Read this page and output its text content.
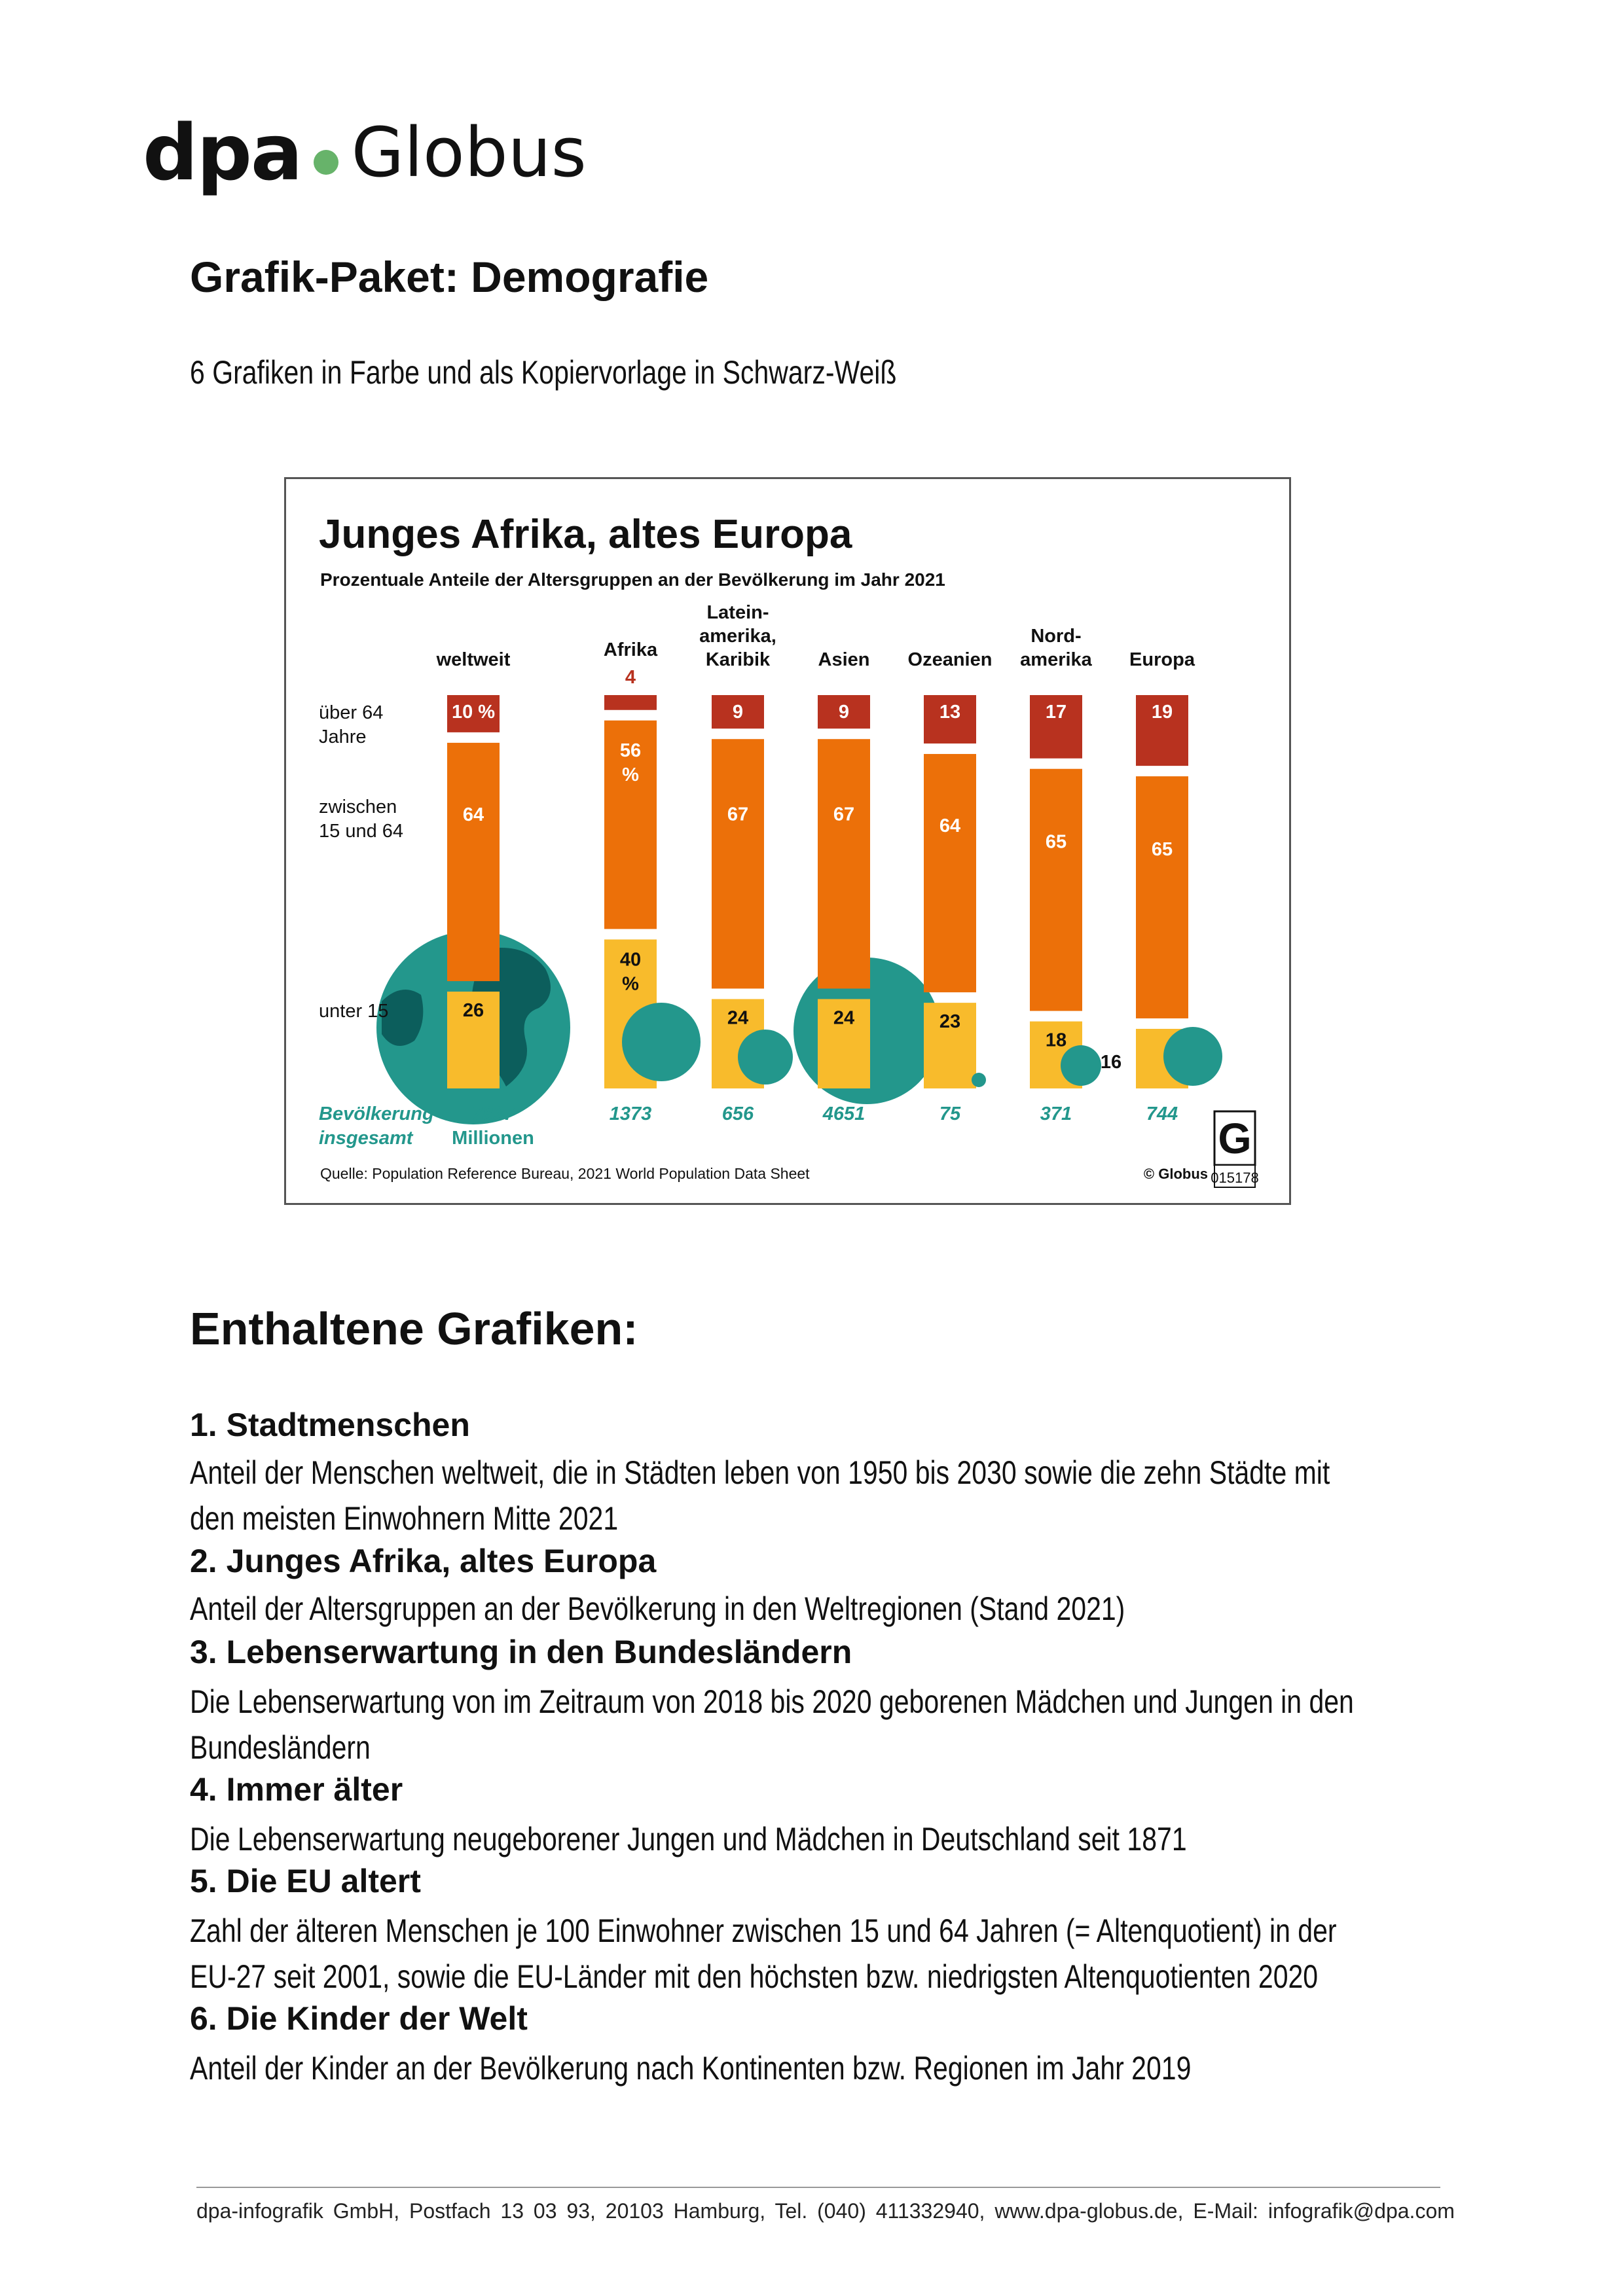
dpa Globus
Grafik-Paket: Demografie

6 Grafiken in Farbe und als Kopiervorlage in Schwarz-Weiß

Junges Afrika, altes Europa
Prozentuale Anteile der Altersgruppen an der Bevölkerung im Jahr 2021
über 64
Jahre
zwischen
15 und 64
unter 15
10 %
64
26
weltweit
7837
4
56
%
40
%
Afrika
1373
9
67
24
Latein-
amerika,
Karibik
656
9
67
24
Asien
4651
13
64
23
Ozeanien
75
17
65
18
Nord-
amerika
371
19
65
16
Europa
744
Bevölkerung
insgesamt Millionen
Quelle: Population Reference Bureau, 2021 World Population Data Sheet	© Globus
G
015178
Enthaltene Grafiken:

1. Stadtmenschen

Anteil der Menschen weltweit, die in Städten leben von 1950 bis 2030 sowie die zehn Städte mit den meisten Einwohnern Mitte 2021

2. Junges Afrika, altes Europa

Anteil der Altersgruppen an der Bevölkerung in den Weltregionen (Stand 2021)

3. Lebenserwartung in den Bundesländern

Die Lebenserwartung von im Zeitraum von 2018 bis 2020 geborenen Mädchen und Jungen in den Bundesländern

4. Immer älter

Die Lebenserwartung neugeborener Jungen und Mädchen in Deutschland seit 1871

5. Die EU altert

Zahl der älteren Menschen je 100 Einwohner zwischen 15 und 64 Jahren (= Altenquotient) in der EU-27 seit 2001, sowie die EU-Länder mit den höchsten bzw. niedrigsten Altenquotienten 2020

6. Die Kinder der Welt

Anteil der Kinder an der Bevölkerung nach Kontinenten bzw. Regionen im Jahr 2019

dpa-infografik GmbH, Postfach 13 03 93, 20103 Hamburg, Tel. (040) 411332940, www.dpa-globus.de, E-Mail: infografik@dpa.com
